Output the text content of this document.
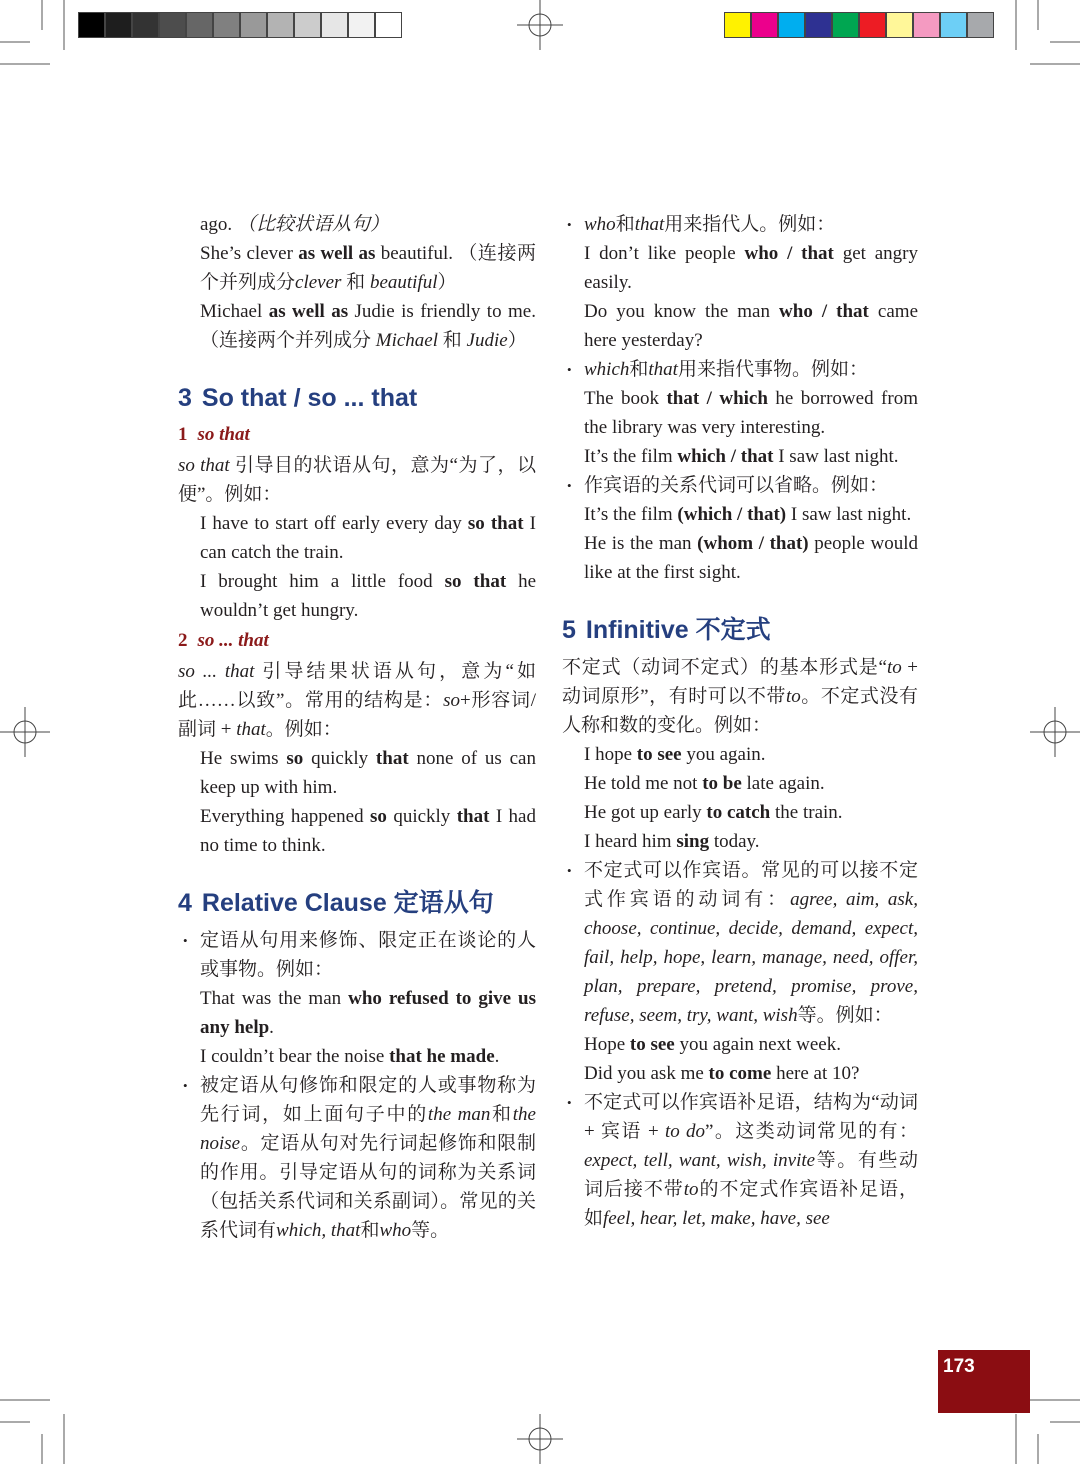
ago. （比较状语从句）

She’s clever as well as beautiful. （连接两个并列成分clever 和 beautiful）

Michael as well as Judie is friendly to me. （连接两个并列成分 Michael 和 Judie）

3 So that / so ... that
1 so that

so that 引导目的状语从句，意为“为了，以便”。例如：

I have to start off early every day so that I can catch the train.

I brought him a little food so that he wouldn’t get hungry.

2 so ... that

so ... that 引导结果状语从句，意为“如此……以致”。常用的结构是：so+形容词/副词 + that。例如：

He swims so quickly that none of us can keep up with him.

Everything happened so quickly that I had no time to think.

4 Relative Clause 定语从句

• 定语从句用来修饰、限定正在谈论的人或事物。例如：

That was the man who refused to give us any help.

I couldn’t bear the noise that he made.

• 被定语从句修饰和限定的人或事物称为先行词，如上面句子中的the man和the noise。定语从句对先行词起修饰和限制的作用。引导定语从句的词称为关系词（包括关系代词和关系副词）。常见的关系代词有which, that和who等。

• who和that用来指代人。例如：

I don’t like people who / that get angry easily.

Do you know the man who / that came here yesterday?

• which和that用来指代事物。例如：

The book that / which he borrowed from the library was very interesting.

It’s the film which / that I saw last night.

• 作宾语的关系代词可以省略。例如：

It’s the film (which / that) I saw last night.

He is the man (whom / that) people would like at the first sight.

5 Infinitive 不定式

不定式（动词不定式）的基本形式是“to + 动词原形”，有时可以不带to。不定式没有人称和数的变化。例如：

I hope to see you again.

He told me not to be late again.

He got up early to catch the train.

I heard him sing today.

• 不定式可以作宾语。常见的可以接不定式作宾语的动词有：agree, aim, ask, choose, continue, decide, demand, expect, fail, help, hope, learn, manage, need, offer, plan, prepare, pretend, promise, prove, refuse, seem, try, want, wish等。例如：

Hope to see you again next week.

Did you ask me to come here at 10?

• 不定式可以作宾语补足语，结构为“动词 + 宾语 + to do”。这类动词常见的有：expect, tell, want, wish, invite等。有些动词后接不带to的不定式作宾语补足语，如feel, hear, let, make, have, see

173
